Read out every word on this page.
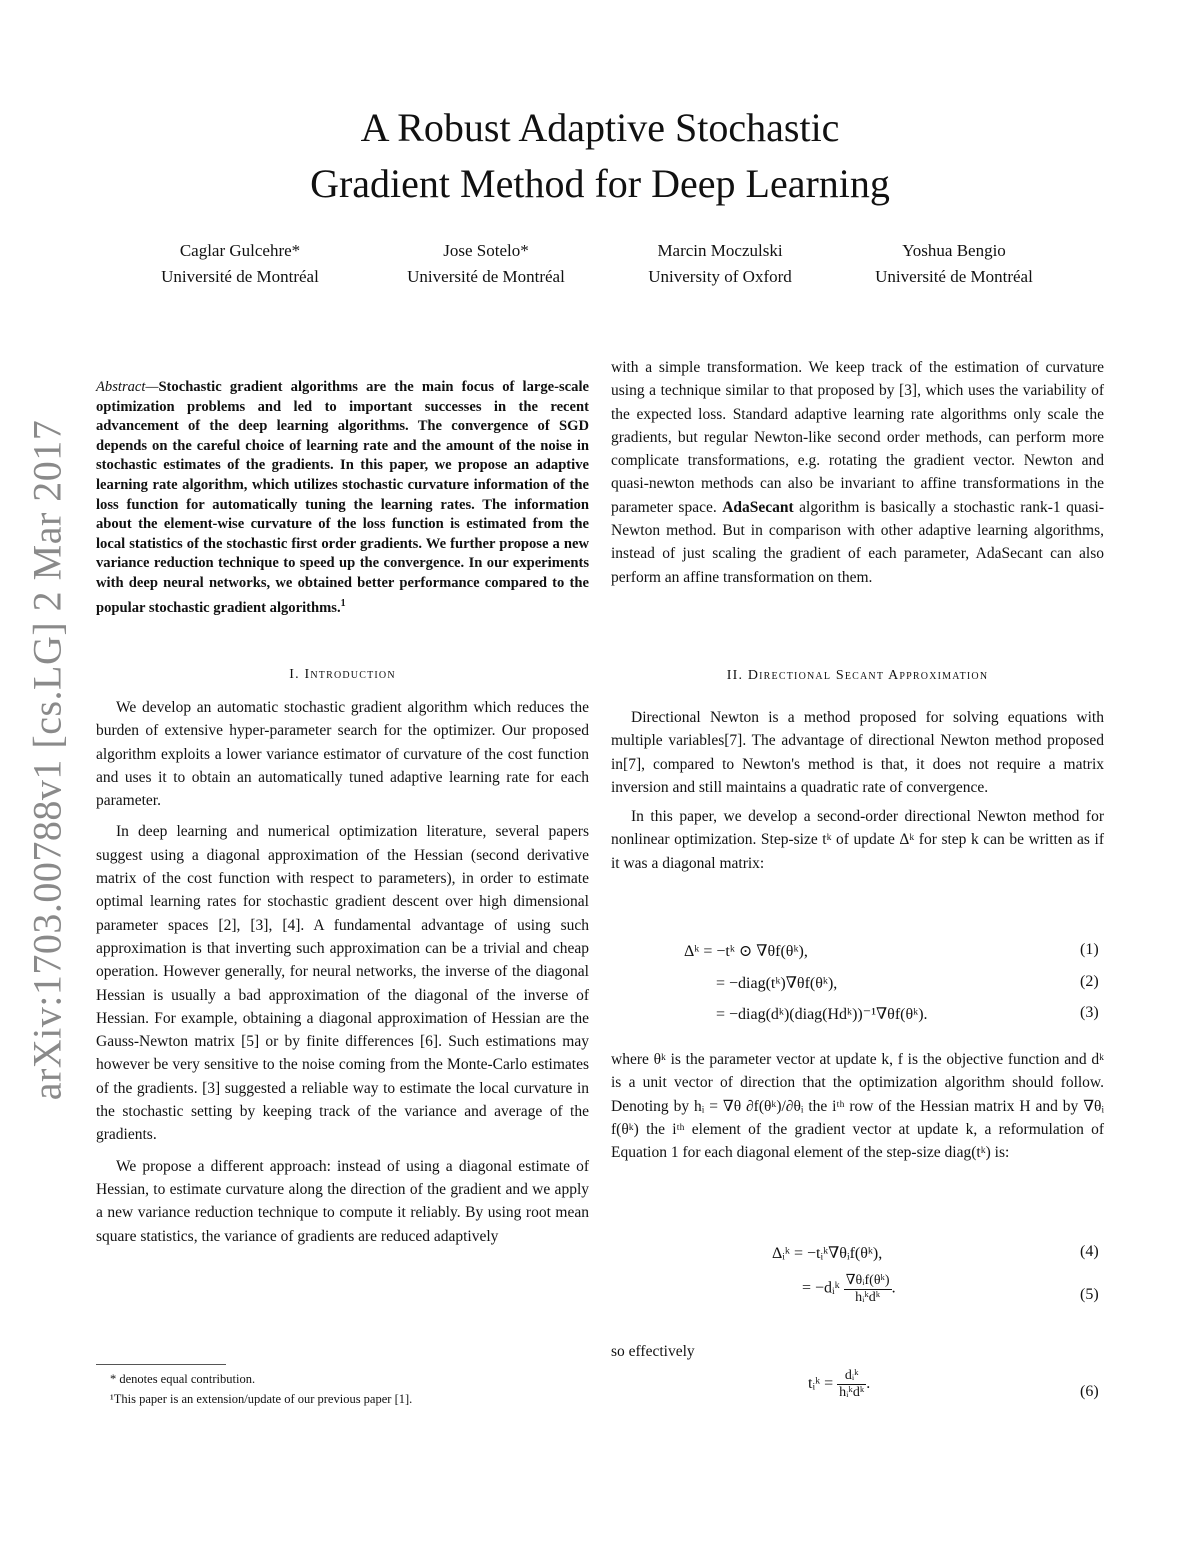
arXiv:1703.00788v1 [cs.LG] 2 Mar 2017
A Robust Adaptive Stochastic
Gradient Method for Deep Learning
Caglar Gulcehre*
Université de Montréal
Jose Sotelo*
Université de Montréal
Marcin Moczulski
University of Oxford
Yoshua Bengio
Université de Montréal
Abstract—Stochastic gradient algorithms are the main focus of large-scale optimization problems and led to important successes in the recent advancement of the deep learning algorithms. The convergence of SGD depends on the careful choice of learning rate and the amount of the noise in stochastic estimates of the gradients. In this paper, we propose an adaptive learning rate algorithm, which utilizes stochastic curvature information of the loss function for automatically tuning the learning rates. The information about the element-wise curvature of the loss function is estimated from the local statistics of the stochastic first order gradients. We further propose a new variance reduction technique to speed up the convergence. In our experiments with deep neural networks, we obtained better performance compared to the popular stochastic gradient algorithms.$^1$
I. Introduction

We develop an automatic stochastic gradient algorithm which reduces the burden of extensive hyper-parameter search for the optimizer. Our proposed algorithm exploits a lower variance estimator of curvature of the cost function and uses it to obtain an automatically tuned adaptive learning rate for each parameter.

In deep learning and numerical optimization literature, several papers suggest using a diagonal approximation of the Hessian (second derivative matrix of the cost function with respect to parameters), in order to estimate optimal learning rates for stochastic gradient descent over high dimensional parameter spaces [2], [3], [4]. A fundamental advantage of using such approximation is that inverting such approximation can be a trivial and cheap operation. However generally, for neural networks, the inverse of the diagonal Hessian is usually a bad approximation of the diagonal of the inverse of Hessian. For example, obtaining a diagonal approximation of Hessian are the Gauss-Newton matrix [5] or by finite differences [6]. Such estimations may however be very sensitive to the noise coming from the Monte-Carlo estimates of the gradients. [3] suggested a reliable way to estimate the local curvature in the stochastic setting by keeping track of the variance and average of the gradients.

We propose a different approach: instead of using a diagonal estimate of Hessian, to estimate curvature along the direction of the gradient and we apply a new variance reduction technique to compute it reliably. By using root mean square statistics, the variance of gradients are reduced adaptively

* denotes equal contribution.
¹This paper is an extension/update of our previous paper [1].

with a simple transformation. We keep track of the estimation of curvature using a technique similar to that proposed by [3], which uses the variability of the expected loss. Standard adaptive learning rate algorithms only scale the gradients, but regular Newton-like second order methods, can perform more complicate transformations, e.g. rotating the gradient vector. Newton and quasi-newton methods can also be invariant to affine transformations in the parameter space. AdaSecant algorithm is basically a stochastic rank-1 quasi-Newton method. But in comparison with other adaptive learning algorithms, instead of just scaling the gradient of each parameter, AdaSecant can also perform an affine transformation on them.

II. Directional Secant Approximation

Directional Newton is a method proposed for solving equations with multiple variables[7]. The advantage of directional Newton method proposed in[7], compared to Newton's method is that, it does not require a matrix inversion and still maintains a quadratic rate of convergence.

In this paper, we develop a second-order directional Newton method for nonlinear optimization. Step-size tᵏ of update Δᵏ for step k can be written as if it was a diagonal matrix:

Δᵏ = −tᵏ ⊙ ∇θf(θᵏ),	(1)
= −diag(tᵏ)∇θf(θᵏ),	(2)
= −diag(dᵏ)(diag(Hdᵏ))⁻¹∇θf(θᵏ).	(3)

where θᵏ is the parameter vector at update k, f is the objective function and dᵏ is a unit vector of direction that the optimization algorithm should follow. Denoting by hᵢ = ∇θ ∂f(θᵏ)/∂θᵢ the iᵗʰ row of the Hessian matrix H and by ∇θᵢ f(θᵏ) the iᵗʰ element of the gradient vector at update k, a reformulation of Equation 1 for each diagonal element of the step-size diag(tᵏ) is:

Δᵢᵏ = −tᵢᵏ∇θᵢf(θᵏ),	(4)
= −dᵢᵏ $\frac{\text{∇θᵢf(θᵏ)}}{\text{hᵢᵏdᵏ}}$ .	(5)

so effectively

tᵢᵏ = $\frac{\text{dᵢᵏ}}{\text{hᵢᵏdᵏ}}$ .	(6)
